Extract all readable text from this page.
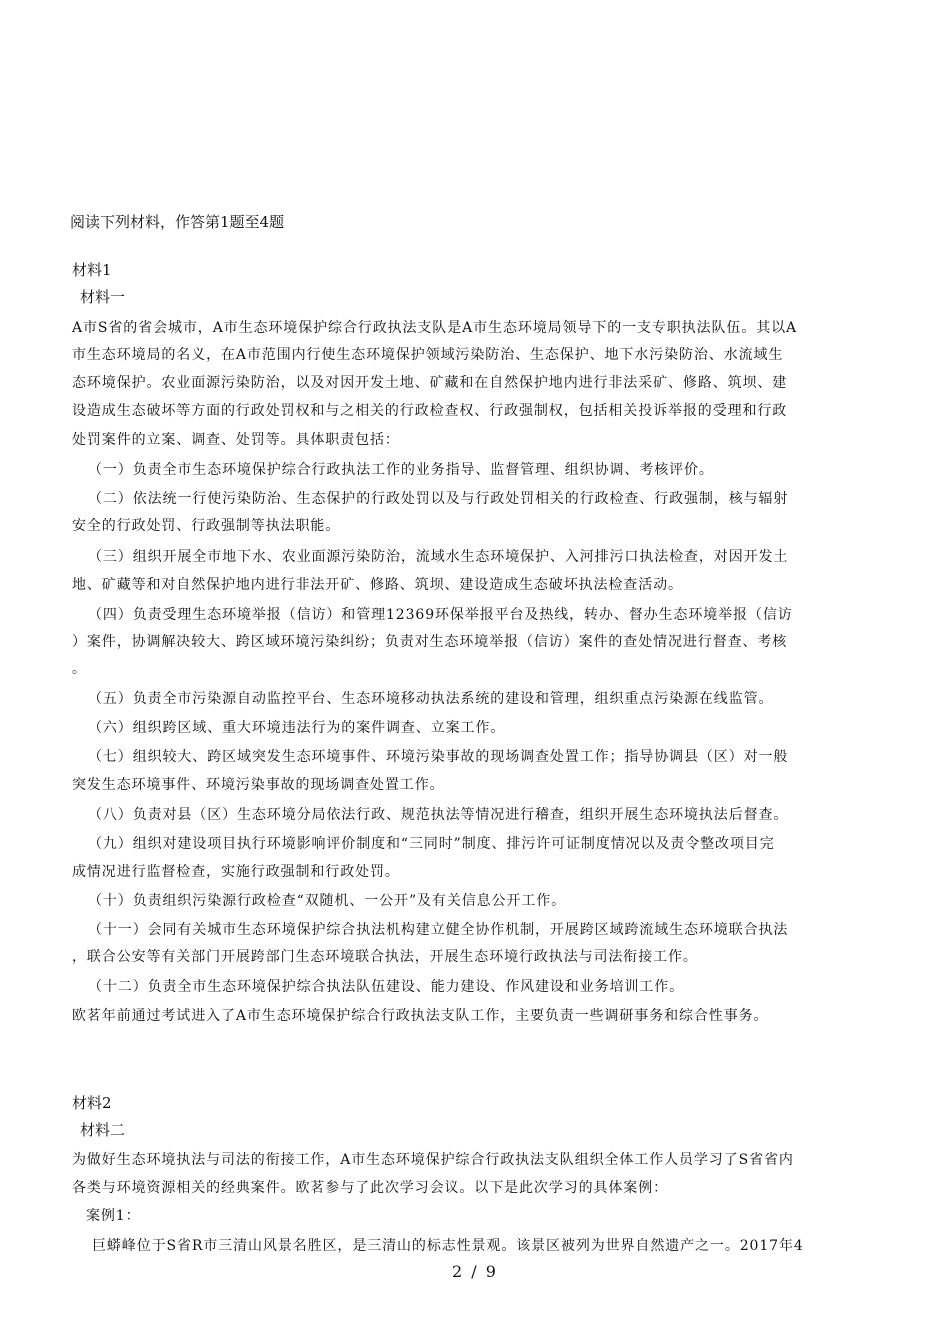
阅读下列材料，作答第1题至4题
材料1
材料一
A市S省的省会城市，A市生态环境保护综合行政执法支队是A市生态环境局领导下的一支专职执法队伍。其以A
市生态环境局的名义，在A市范围内行使生态环境保护领域污染防治、生态保护、地下水污染防治、水流域生
态环境保护。农业面源污染防治，以及对因开发土地、矿藏和在自然保护地内进行非法采矿、修路、筑坝、建
设造成生态破坏等方面的行政处罚权和与之相关的行政检查权、行政强制权，包括相关投诉举报的受理和行政
处罚案件的立案、调查、处罚等。具体职责包括：
（一）负责全市生态环境保护综合行政执法工作的业务指导、监督管理、组织协调、考核评价。
（二）依法统一行使污染防治、生态保护的行政处罚以及与行政处罚相关的行政检查、行政强制，核与辐射
安全的行政处罚、行政强制等执法职能。
（三）组织开展全市地下水、农业面源污染防治，流域水生态环境保护、入河排污口执法检查，对因开发土
地、矿藏等和对自然保护地内进行非法开矿、修路、筑坝、建设造成生态破坏执法检查活动。
（四）负责受理生态环境举报（信访）和管理12369环保举报平台及热线，转办、督办生态环境举报（信访
）案件，协调解决较大、跨区域环境污染纠纷；负责对生态环境举报（信访）案件的查处情况进行督查、考核
。
（五）负责全市污染源自动监控平台、生态环境移动执法系统的建设和管理，组织重点污染源在线监管。
（六）组织跨区域、重大环境违法行为的案件调查、立案工作。
（七）组织较大、跨区域突发生态环境事件、环境污染事故的现场调查处置工作；指导协调县（区）对一般
突发生态环境事件、环境污染事故的现场调查处置工作。
（八）负责对县（区）生态环境分局依法行政、规范执法等情况进行稽查，组织开展生态环境执法后督查。
（九）组织对建设项目执行环境影响评价制度和“三同时”制度、排污许可证制度情况以及责令整改项目完
成情况进行监督检查，实施行政强制和行政处罚。
（十）负责组织污染源行政检查“双随机、一公开”及有关信息公开工作。
（十一）会同有关城市生态环境保护综合执法机构建立健全协作机制，开展跨区域跨流域生态环境联合执法
，联合公安等有关部门开展跨部门生态环境联合执法，开展生态环境行政执法与司法衔接工作。
（十二）负责全市生态环境保护综合执法队伍建设、能力建设、作风建设和业务培训工作。
欧茗年前通过考试进入了A市生态环境保护综合行政执法支队工作，主要负责一些调研事务和综合性事务。
材料2
材料二
为做好生态环境执法与司法的衔接工作，A市生态环境保护综合行政执法支队组织全体工作人员学习了S省省内
各类与环境资源相关的经典案件。欧茗参与了此次学习会议。以下是此次学习的具体案例：
案例1：
巨蟒峰位于S省R市三清山风景名胜区，是三清山的标志性景观。该景区被列为世界自然遗产之一。2017年4
2 / 9
